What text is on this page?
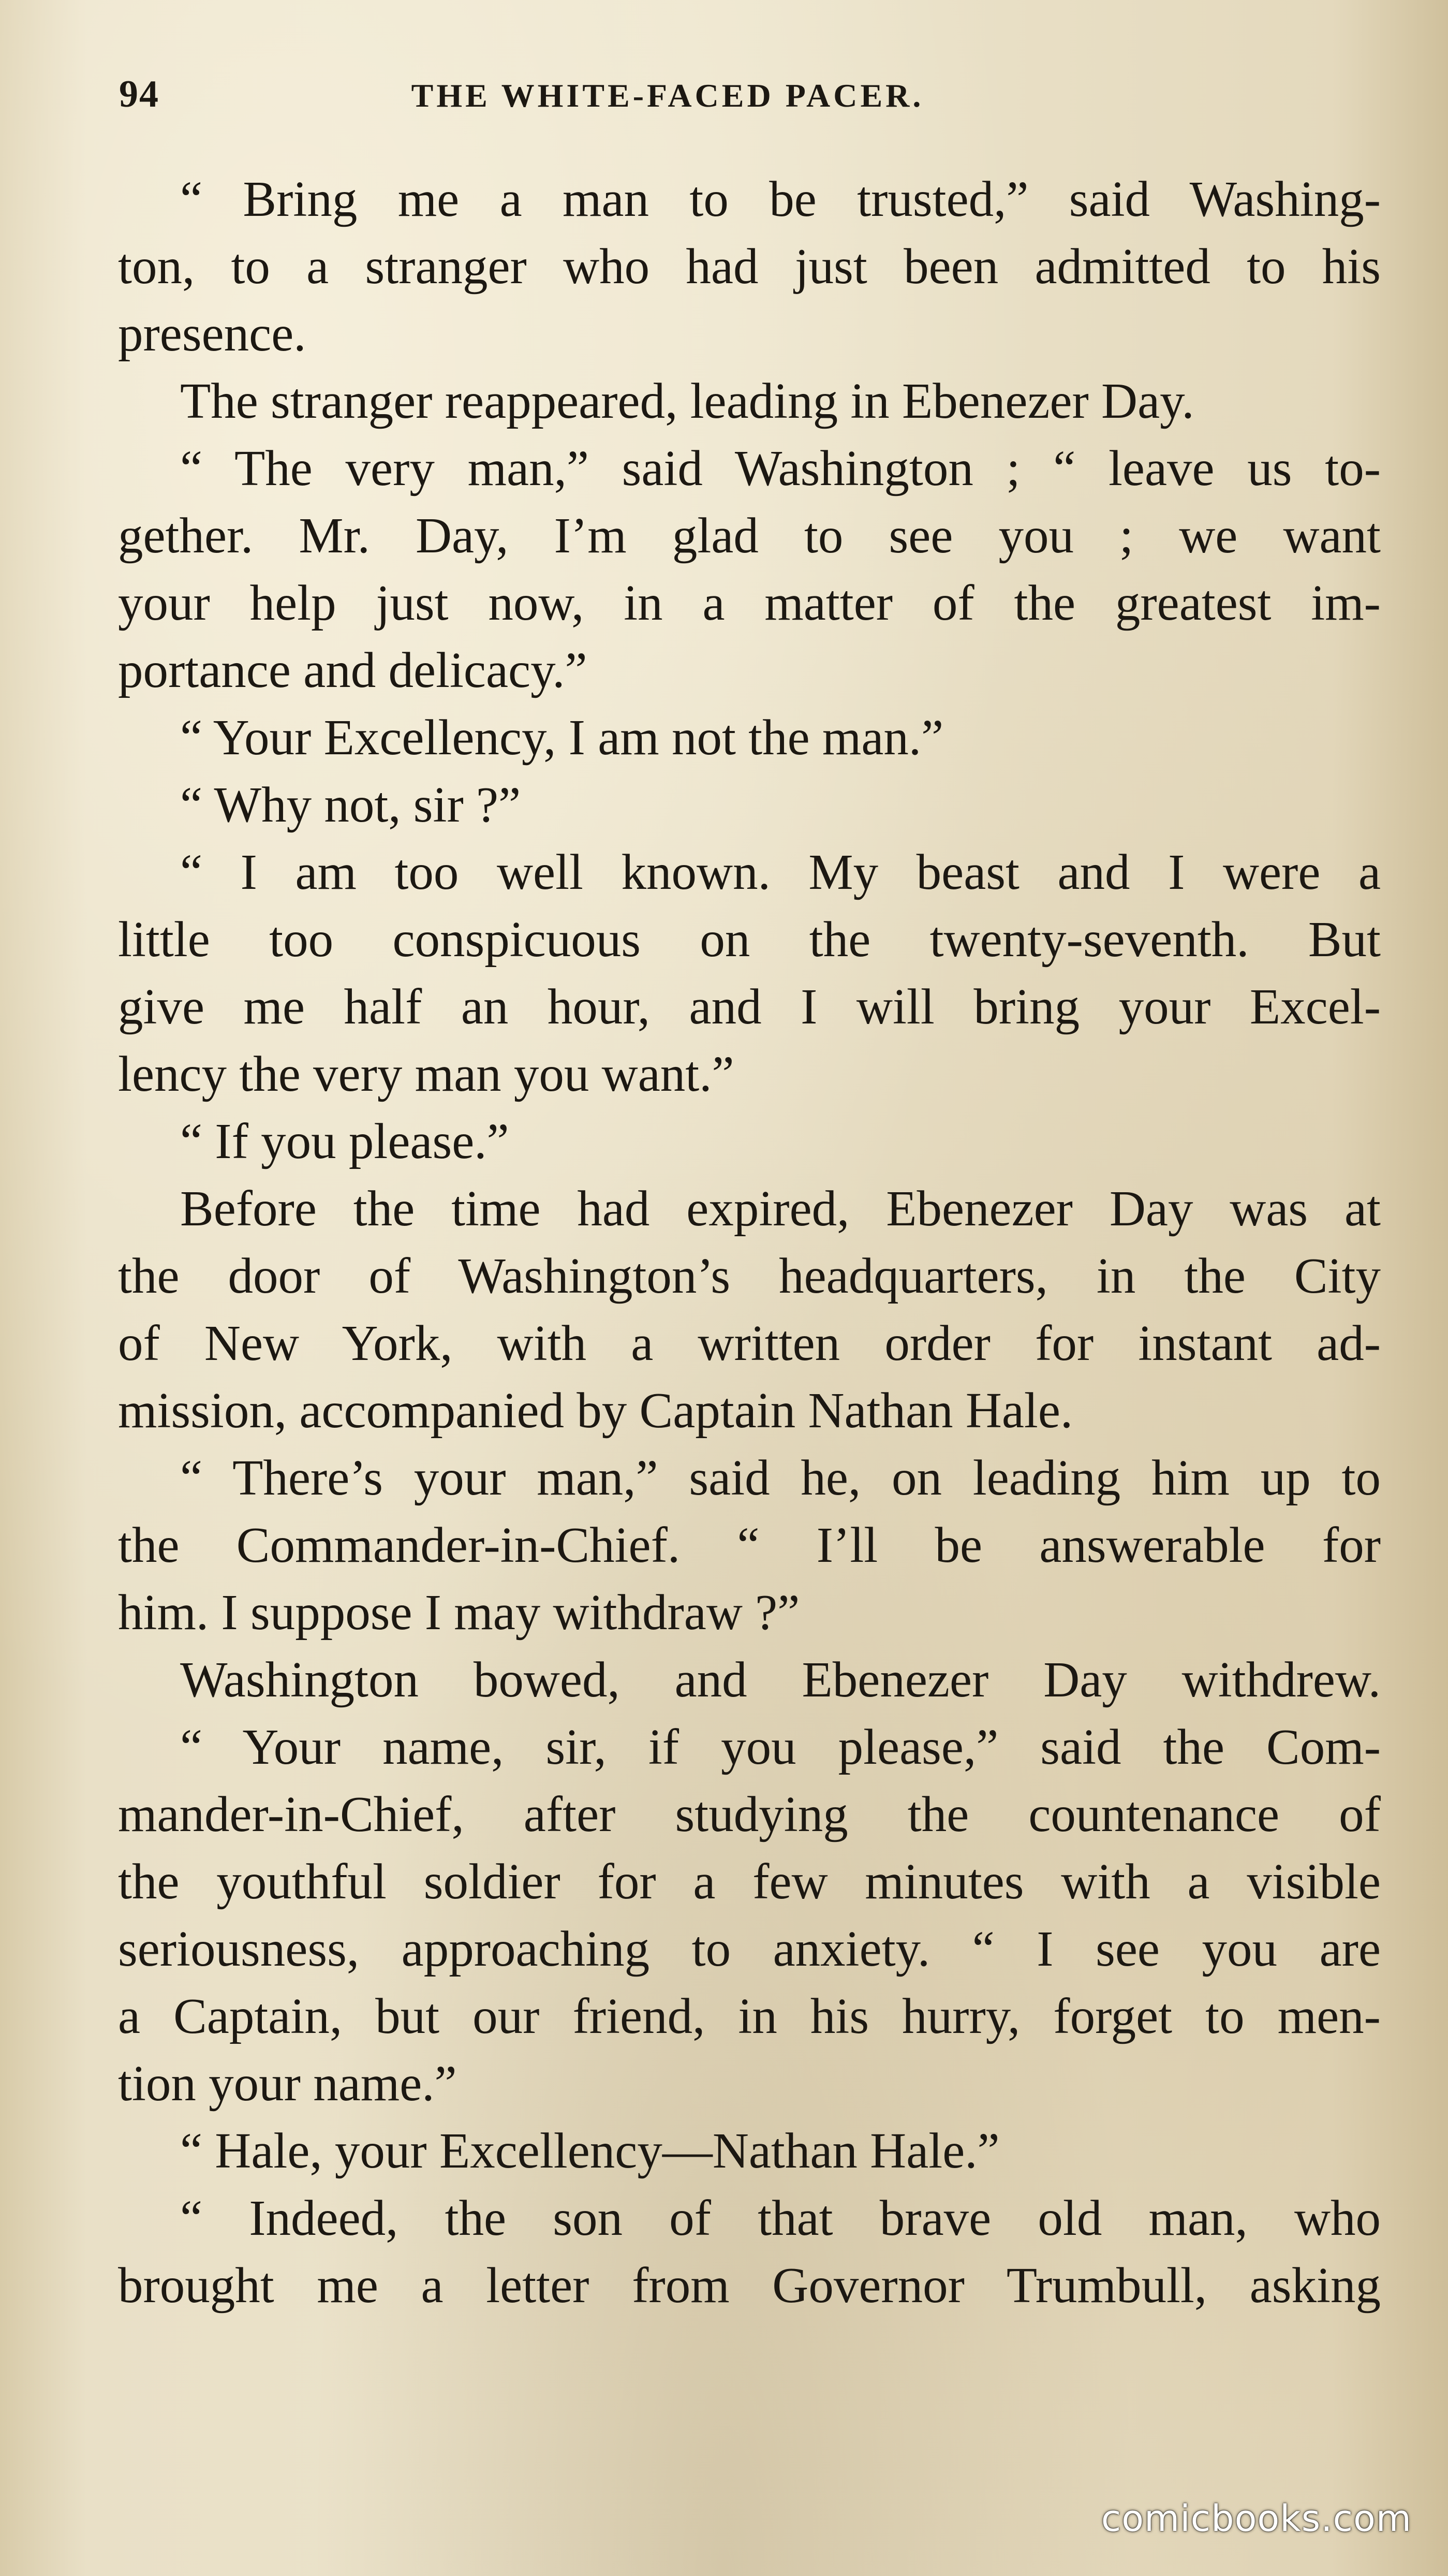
94	THE WHITE-FACED PACER.
“ Bring me a man to be trusted,” said Washing-
ton, to a stranger who had just been admitted to his
presence.
The stranger reappeared, leading in Ebenezer Day.
“ The very man,” said Washington ; “ leave us to-
gether. Mr. Day, I’m glad to see you ; we want
your help just now, in a matter of the greatest im-
portance and delicacy.”
“ Your Excellency, I am not the man.”
“ Why not, sir ?”
“ I am too well known. My beast and I were a
little too conspicuous on the twenty-seventh. But
give me half an hour, and I will bring your Excel-
lency the very man you want.”
“ If you please.”
Before the time had expired, Ebenezer Day was at
the door of Washington’s headquarters, in the City
of New York, with a written order for instant ad-
mission, accompanied by Captain Nathan Hale.
“ There’s your man,” said he, on leading him up to
the Commander-in-Chief. “ I’ll be answerable for
him. I suppose I may withdraw ?”
Washington bowed, and Ebenezer Day withdrew.
“ Your name, sir, if you please,” said the Com-
mander-in-Chief, after studying the countenance of
the youthful soldier for a few minutes with a visible
seriousness, approaching to anxiety. “ I see you are
a Captain, but our friend, in his hurry, forget to men-
tion your name.”
“ Hale, your Excellency—Nathan Hale.”
“ Indeed, the son of that brave old man, who
brought me a letter from Governor Trumbull, asking
comicbooks.com
